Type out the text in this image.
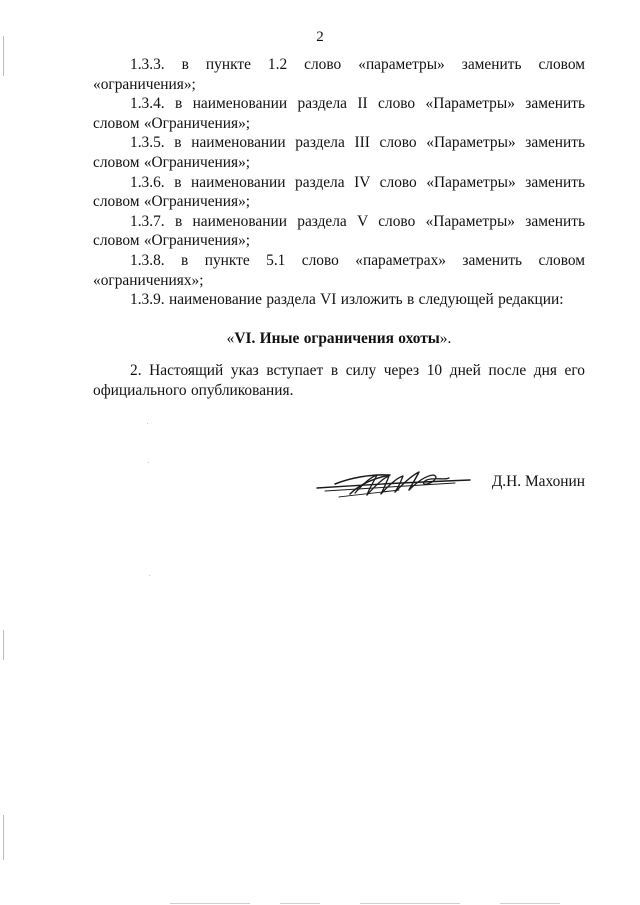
2

1.3.3. в пункте 1.2 слово «параметры» заменить словом «ограничения»;

1.3.4. в наименовании раздела II слово «Параметры» заменить словом «Ограничения»;

1.3.5. в наименовании раздела III слово «Параметры» заменить словом «Ограничения»;

1.3.6. в наименовании раздела IV слово «Параметры» заменить словом «Ограничения»;

1.3.7. в наименовании раздела V слово «Параметры» заменить словом «Ограничения»;

1.3.8. в пункте 5.1 слово «параметрах» заменить словом «ограничениях»;

1.3.9. наименование раздела VI изложить в следующей редакции:

«VI. Иные ограничения охоты».

2. Настоящий указ вступает в силу через 10 дней после дня его официального опубликования.

Д.Н. Махонин
